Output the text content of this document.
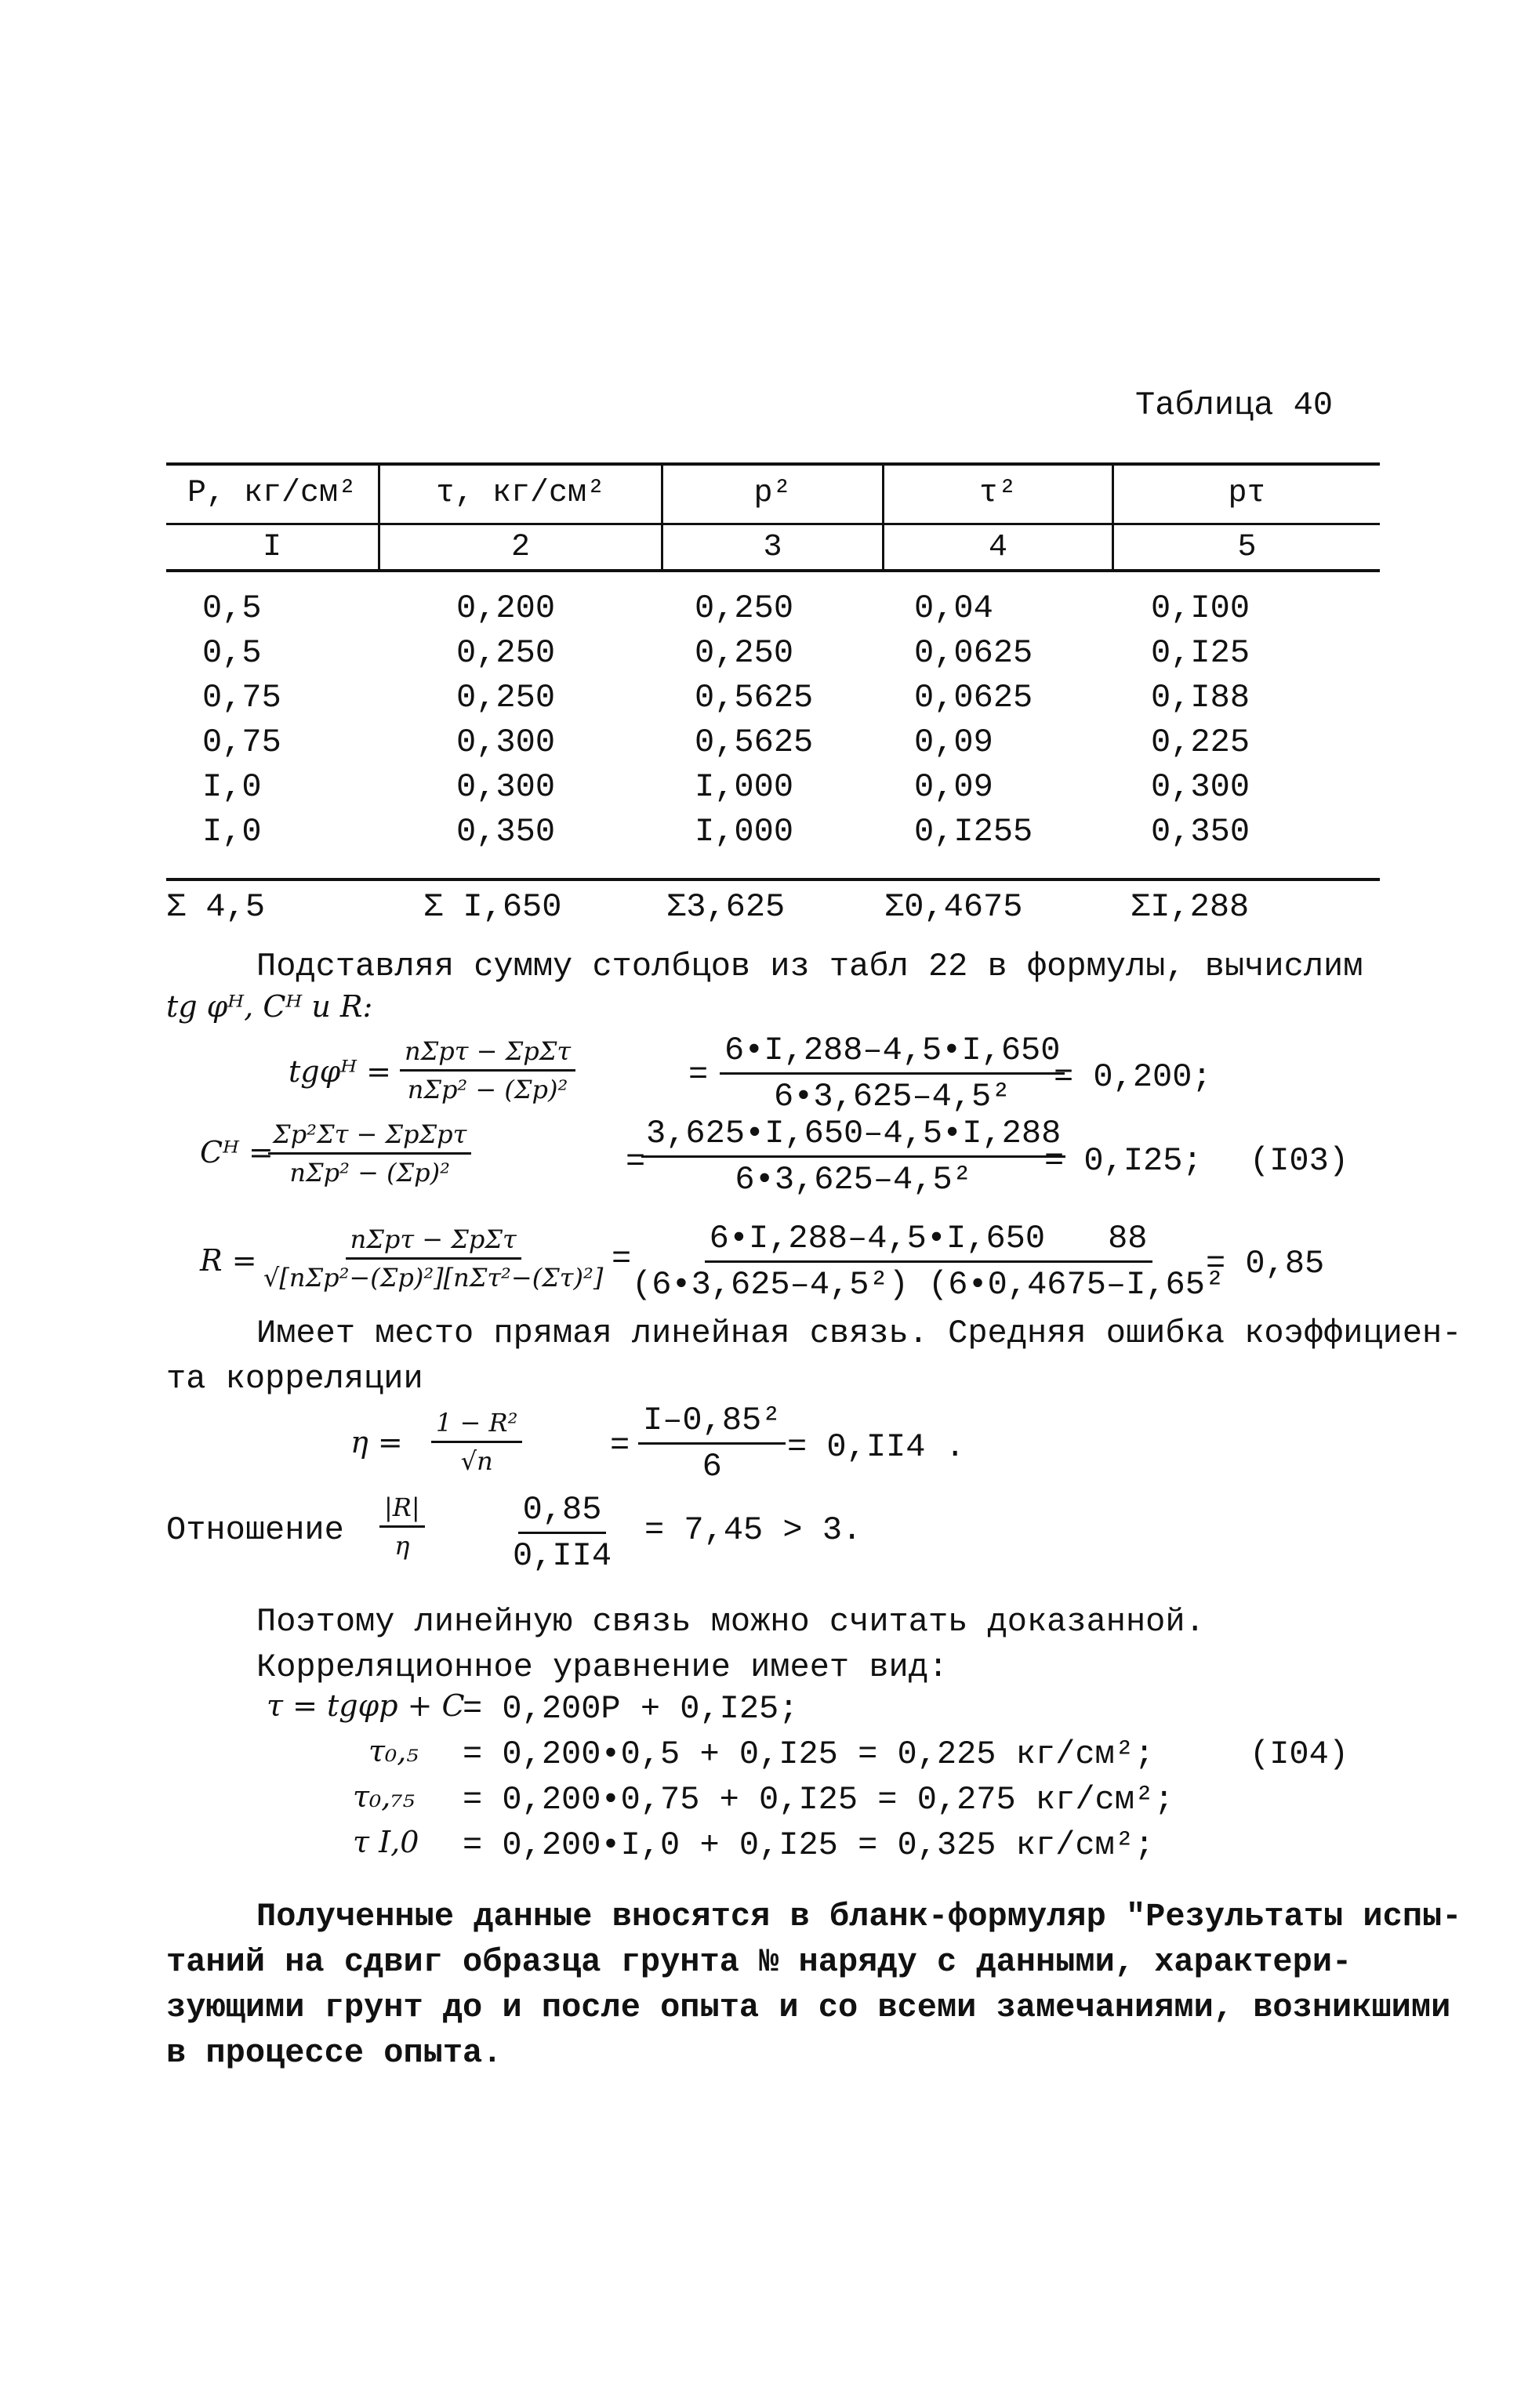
Таблица 40
Р, кг/см²	τ, кг/см²	р²	τ²	рτ
I	2	3	4	5
0,5	0,200	0,250	0,04	0,I00
0,5	0,250	0,250	0,0625	0,I25
0,75	0,250	0,5625	0,0625	0,I88
0,75	0,300	0,5625	0,09	0,225
I,0	0,300	I,000	0,09	0,300
I,0	0,350	I,000	0,I255	0,350
Σ 4,5	Σ I,650	Σ3,625	Σ0,4675	ΣI,288
Подставляя сумму столбцов из табл 22 в формулы, вычислим
tg φᴴ, Cᴴ и R:
tgφᴴ =
nΣpτ − ΣpΣτ
nΣp² − (Σp)²	= $\frac{6•I,288-4,5•I,650}{\text{6•3,625–4,5²}}$
= 0,200;
Cᴴ =
Σp²Στ − ΣpΣpτ
nΣp² − (Σp)²	=
$\frac{3,625•I,650-4,5•I,288}{\text{6•3,625–4,5²}}$
= 0,I25; (I03)
R =
nΣpτ − ΣpΣτ
√[nΣp²−(Σp)²][nΣτ²−(Στ)²] =
$\frac{6•I,288-4,5•I,650 88}{\text{(6•3,625–4,5²) (6•0,4675–I,65²}}$
= 0,85
Имеет место прямая линейная связь. Средняя ошибка коэффициен-
та корреляции
$\eta = \frac{\text{1 − R²}}{√n}$	= $\frac{\text{I–0,85²}}{6} = 0,II4$ .
Отношение $\frac{|R|}{\eta}$	$\frac{0,85}{0,II4} = 7,45 > 3$.
Поэтому линейную связь можно считать доказанной.
Корреляционное уравнение имеет вид:
τ = tgφp + C
= 0,200Р + 0,I25;
τ₀,₅ = 0,200•0,5 + 0,I25 = 0,225 кг/см²;	(I04)
τ₀,₇₅ = 0,200•0,75 + 0,I25 = 0,275 кг/см²;
τ I,0 = 0,200•I,0 + 0,I25 = 0,325 кг/см²;
Полученные данные вносятся в бланк-формуляр "Результаты испы-
таний на сдвиг образца грунта № наряду с данными, характери-
зующими грунт до и после опыта и со всеми замечаниями, возникшими
в процессе опыта.
